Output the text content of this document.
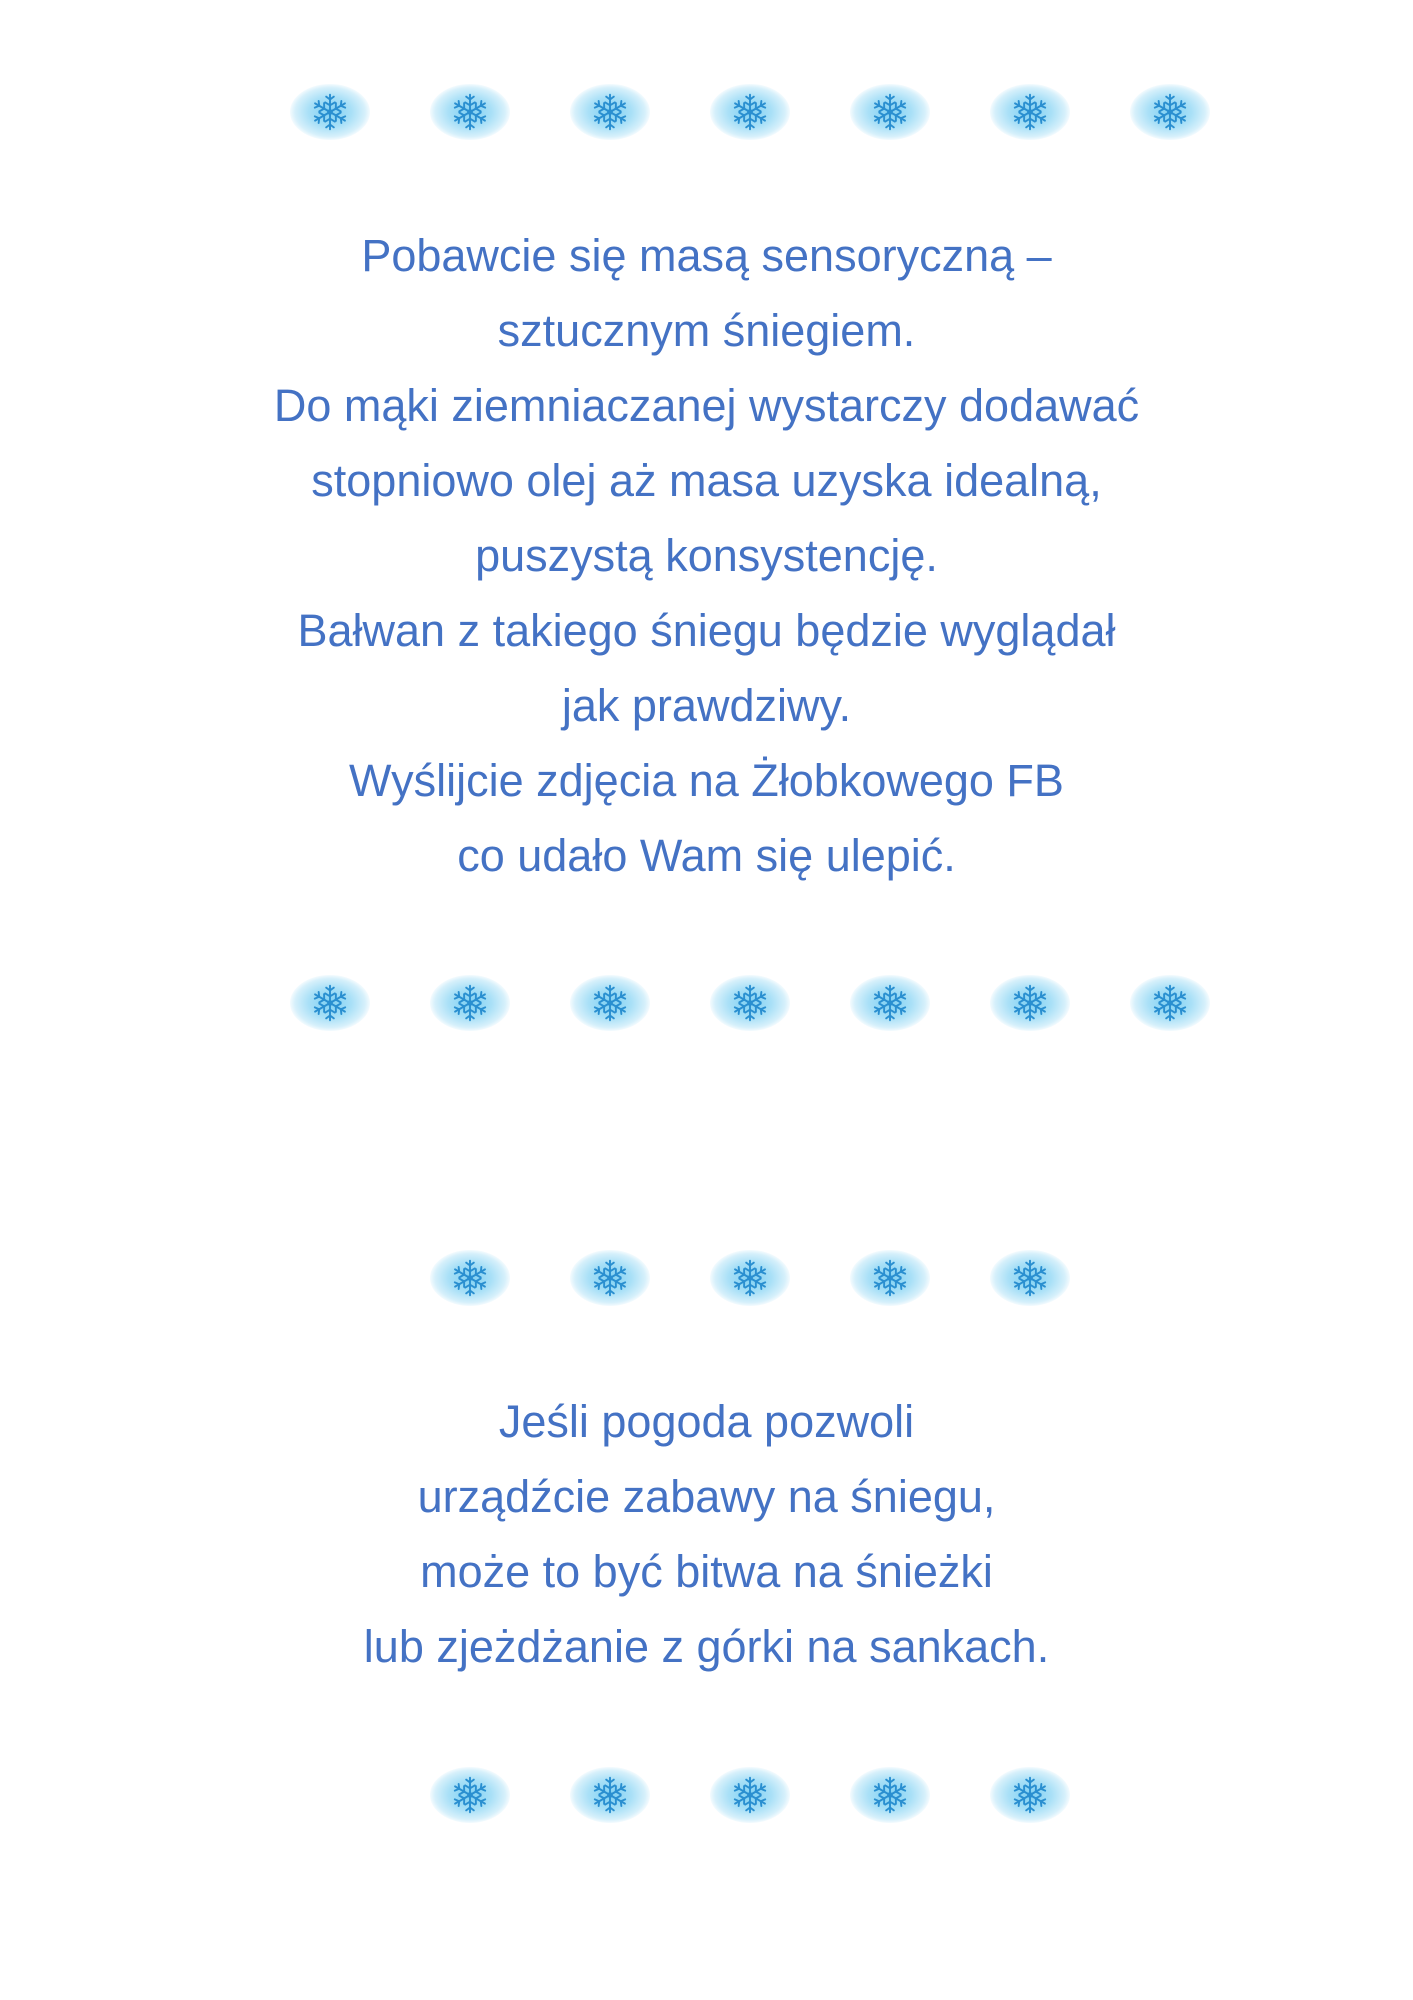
Pobawcie się masą sensoryczną –
sztucznym śniegiem.
Do mąki ziemniaczanej wystarczy dodawać
stopniowo olej aż masa uzyska idealną,
puszystą konsystencję.
Bałwan z takiego śniegu będzie wyglądał
jak prawdziwy.
Wyślijcie zdjęcia na Żłobkowego FB
co udało Wam się ulepić.
Jeśli pogoda pozwoli
urządźcie zabawy na śniegu,
może to być bitwa na śnieżki
lub zjeżdżanie z górki na sankach.
